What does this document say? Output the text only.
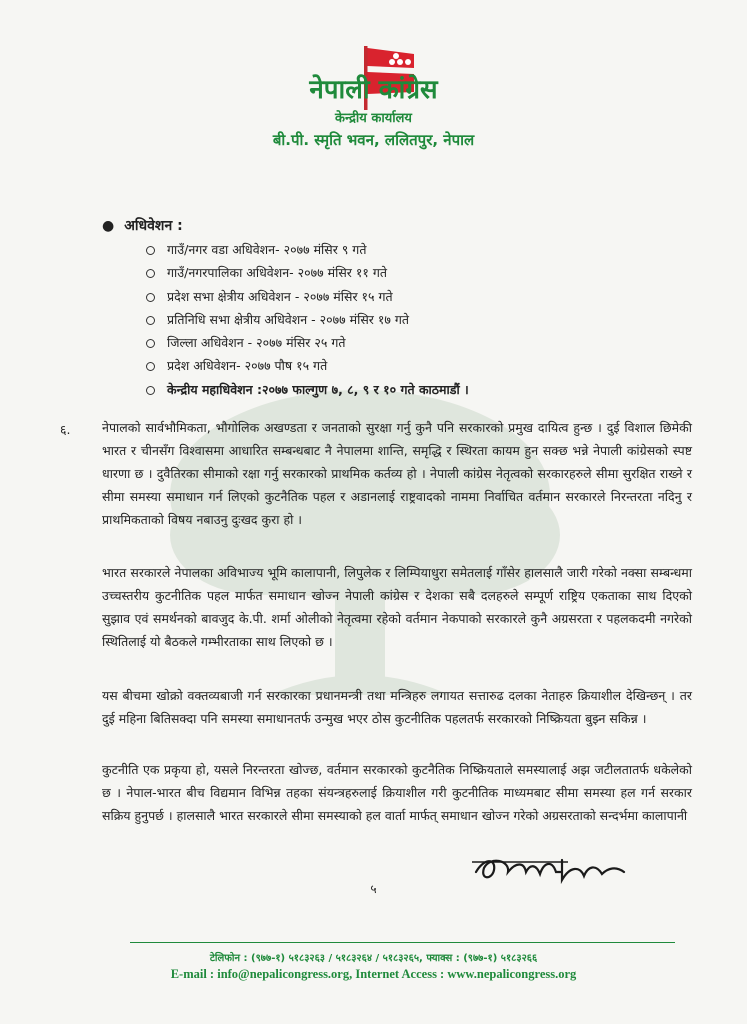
नेपाली कांग्रेस
केन्द्रीय कार्यालय
बी.पी. स्मृति भवन, ललितपुर, नेपाल
● अधिवेशन :
गाउँ/नगर वडा अधिवेशन- २०७७ मंसिर ९ गते
गाउँ/नगरपालिका अधिवेशन- २०७७ मंसिर ११ गते
प्रदेश सभा क्षेत्रीय अधिवेशन - २०७७ मंसिर १५ गते
प्रतिनिधि सभा क्षेत्रीय अधिवेशन - २०७७ मंसिर १७ गते
जिल्ला अधिवेशन - २०७७ मंसिर २५ गते
प्रदेश अधिवेशन- २०७७ पौष १५ गते
केन्द्रीय महाधिवेशन :२०७७ फाल्गुण ७, ८, ९ र १० गते काठमाडौं ।
६.	नेपालको सार्वभौमिकता, भौगोलिक अखण्डता र जनताको सुरक्षा गर्नु कुनै पनि सरकारको प्रमुख दायित्व हुन्छ । दुई विशाल छिमेकी भारत र चीनसँग विश्वासमा आधारित सम्बन्धबाट नै नेपालमा शान्ति, समृद्धि र स्थिरता कायम हुन सक्छ भन्ने नेपाली कांग्रेसको स्पष्ट धारणा छ । दुवैतिरका सीमाको रक्षा गर्नु सरकारको प्राथमिक कर्तव्य हो । नेपाली कांग्रेस नेतृत्वको सरकारहरुले सीमा सुरक्षित राख्ने र सीमा समस्या समाधान गर्न लिएको कुटनैतिक पहल र अडानलाई राष्ट्रवादको नाममा निर्वाचित वर्तमान सरकारले निरन्तरता नदिनु र प्राथमिकताको विषय नबाउनु दुःखद कुरा हो ।

भारत सरकारले नेपालका अविभाज्य भूमि कालापानी, लिपुलेक र लिम्पियाधुरा समेतलाई गाँसेर हालसालै जारी गरेको नक्सा सम्बन्धमा उच्चस्तरीय कुटनीतिक पहल मार्फत समाधान खोज्न नेपाली कांग्रेस र देशका सबै दलहरुले सम्पूर्ण राष्ट्रिय एकताका साथ दिएको सुझाव एवं समर्थनको बावजुद के.पी. शर्मा ओलीको नेतृत्वमा रहेको वर्तमान नेकपाको सरकारले कुनै अग्रसरता र पहलकदमी नगरेको स्थितिलाई यो बैठकले गम्भीरताका साथ लिएको छ ।

यस बीचमा खोक्रो वक्तव्यबाजी गर्न सरकारका प्रधानमन्त्री तथा मन्त्रिहरु लगायत सत्तारुढ दलका नेताहरु क्रियाशील देखिन्छन् । तर दुई महिना बितिसक्दा पनि समस्या समाधानतर्फ उन्मुख भएर ठोस कुटनीतिक पहलतर्फ सरकारको निष्क्रियता बुझ्न सकिन्न ।

कुटनीति एक प्रकृया हो, यसले निरन्तरता खोज्छ, वर्तमान सरकारको कुटनैतिक निष्क्रियताले समस्यालाई अझ जटीलतातर्फ धकेलेको छ । नेपाल-भारत बीच विद्यमान विभिन्न तहका संयन्त्रहरुलाई क्रियाशील गरी कुटनीतिक माध्यमबाट सीमा समस्या हल गर्न सरकार सक्रिय हुनुपर्छ । हालसालै भारत सरकारले सीमा समस्याको हल वार्ता मार्फत् समाधान खोज्न गरेको अग्रसरताको सन्दर्भमा कालापानी

५
टेलिफोन : (९७७-१) ५१८३२६३ / ५१८३२६४ / ५१८३२६५, फ्याक्स : (९७७-१) ५१८३२६६
E-mail : info@nepalicongress.org, Internet Access : www.nepalicongress.org
